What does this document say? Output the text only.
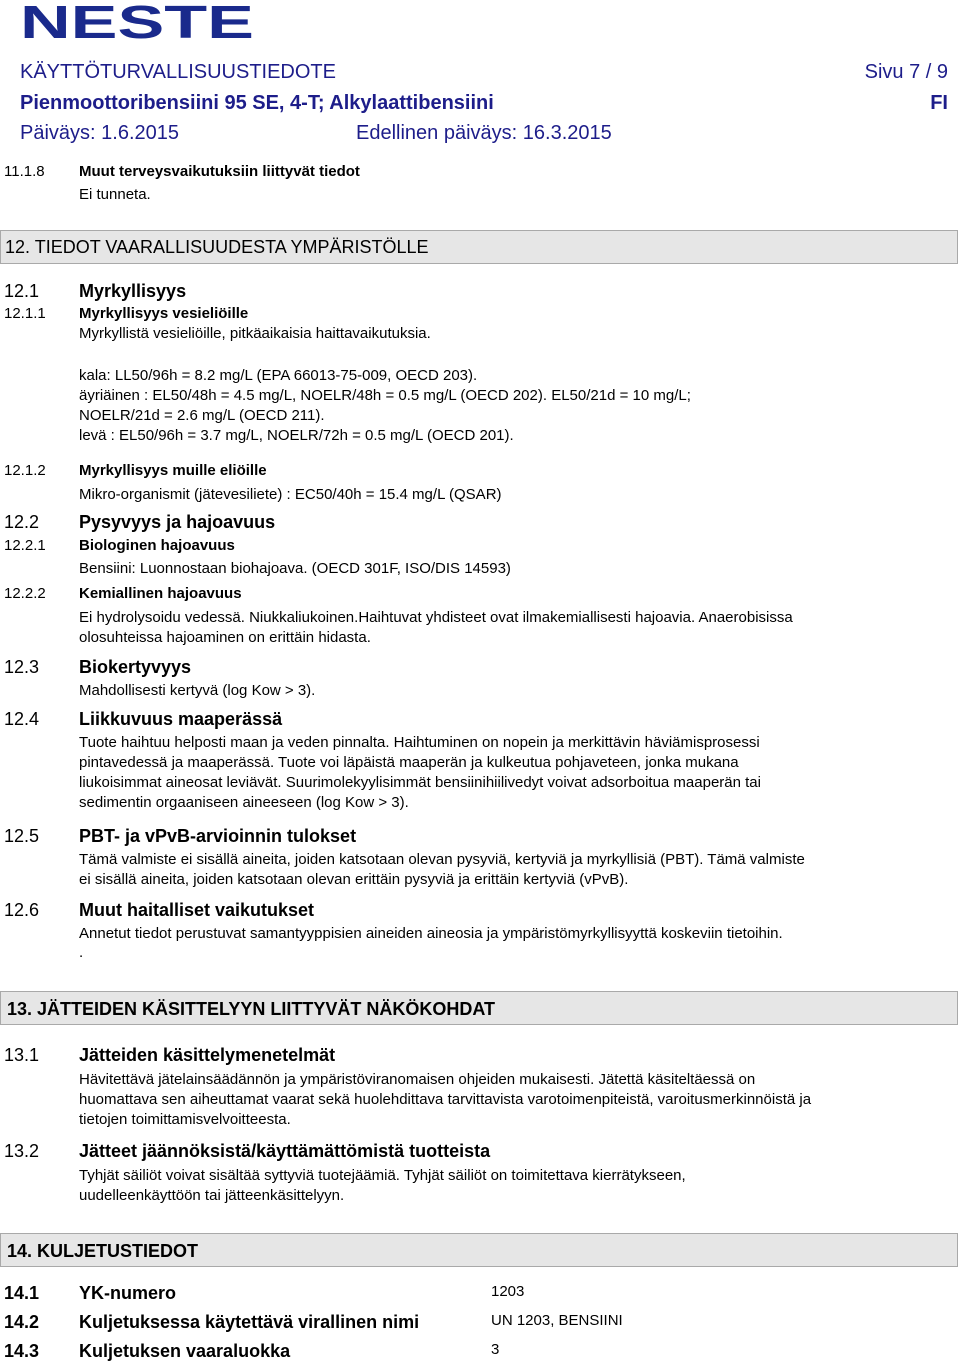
NESTE
KÄYTTÖTURVALLISUUSTIEDOTE	Sivu 7 / 9
Pienmoottoribensiini 95 SE, 4-T; Alkylaattibensiini	FI
Päiväys: 1.6.2015	Edellinen päiväys: 16.3.2015
11.1.8 Muut terveysvaikutuksiin liittyvät tiedot
Ei tunneta.
12. TIEDOT VAARALLISUUDESTA YMPÄRISTÖLLE
12.1 Myrkyllisyys
12.1.1 Myrkyllisyys vesieliöille
Myrkyllistä vesieliöille, pitkäaikaisia haittavaikutuksia.
kala: LL50/96h = 8.2 mg/L (EPA 66013-75-009, OECD 203).
äyriäinen : EL50/48h = 4.5 mg/L, NOELR/48h = 0.5 mg/L (OECD 202). EL50/21d = 10 mg/L;
NOELR/21d = 2.6 mg/L (OECD 211).
levä : EL50/96h = 3.7 mg/L, NOELR/72h = 0.5 mg/L (OECD 201).
12.1.2 Myrkyllisyys muille eliöille
Mikro-organismit (jätevesiliete) : EC50/40h = 15.4 mg/L (QSAR)
12.2 Pysyvyys ja hajoavuus
12.2.1 Biologinen hajoavuus
Bensiini: Luonnostaan biohajoava. (OECD 301F, ISO/DIS 14593)
12.2.2 Kemiallinen hajoavuus
Ei hydrolysoidu vedessä. Niukkaliukoinen.Haihtuvat yhdisteet ovat ilmakemiallisesti hajoavia. Anaerobisissa
olosuhteissa hajoaminen on erittäin hidasta.
12.3 Biokertyvyys
Mahdollisesti kertyvä (log Kow > 3).
12.4 Liikkuvuus maaperässä
Tuote haihtuu helposti maan ja veden pinnalta. Haihtuminen on nopein ja merkittävin häviämisprosessi
pintavedessä ja maaperässä. Tuote voi läpäistä maaperän ja kulkeutua pohjaveteen, jonka mukana
liukoisimmat aineosat leviävät. Suurimolekyylisimmät bensiinihiilivedyt voivat adsorboitua maaperän tai
sedimentin orgaaniseen aineeseen (log Kow > 3).
12.5 PBT- ja vPvB-arvioinnin tulokset
Tämä valmiste ei sisällä aineita, joiden katsotaan olevan pysyviä, kertyviä ja myrkyllisiä (PBT). Tämä valmiste
ei sisällä aineita, joiden katsotaan olevan erittäin pysyviä ja erittäin kertyviä (vPvB).
12.6 Muut haitalliset vaikutukset
Annetut tiedot perustuvat samantyyppisien aineiden aineosia ja ympäristömyrkyllisyyttä koskeviin tietoihin.
.
13. JÄTTEIDEN KÄSITTELYYN LIITTYVÄT NÄKÖKOHDAT
13.1 Jätteiden käsittelymenetelmät
Hävitettävä jätelainsäädännön ja ympäristöviranomaisen ohjeiden mukaisesti. Jätettä käsiteltäessä on
huomattava sen aiheuttamat vaarat sekä huolehdittava tarvittavista varotoimenpiteistä, varoitusmerkinnöistä ja
tietojen toimittamisvelvoitteesta.
13.2 Jätteet jäännöksistä/käyttämättömistä tuotteista
Tyhjät säiliöt voivat sisältää syttyviä tuotejäämiä. Tyhjät säiliöt on toimitettava kierrätykseen,
uudelleenkäyttöön tai jätteenkäsittelyyn.
14. KULJETUSTIEDOT
14.1 YK-numero	1203
14.2 Kuljetuksessa käytettävä virallinen nimi	UN 1203, BENSIINI
14.3 Kuljetuksen vaaraluokka	3
